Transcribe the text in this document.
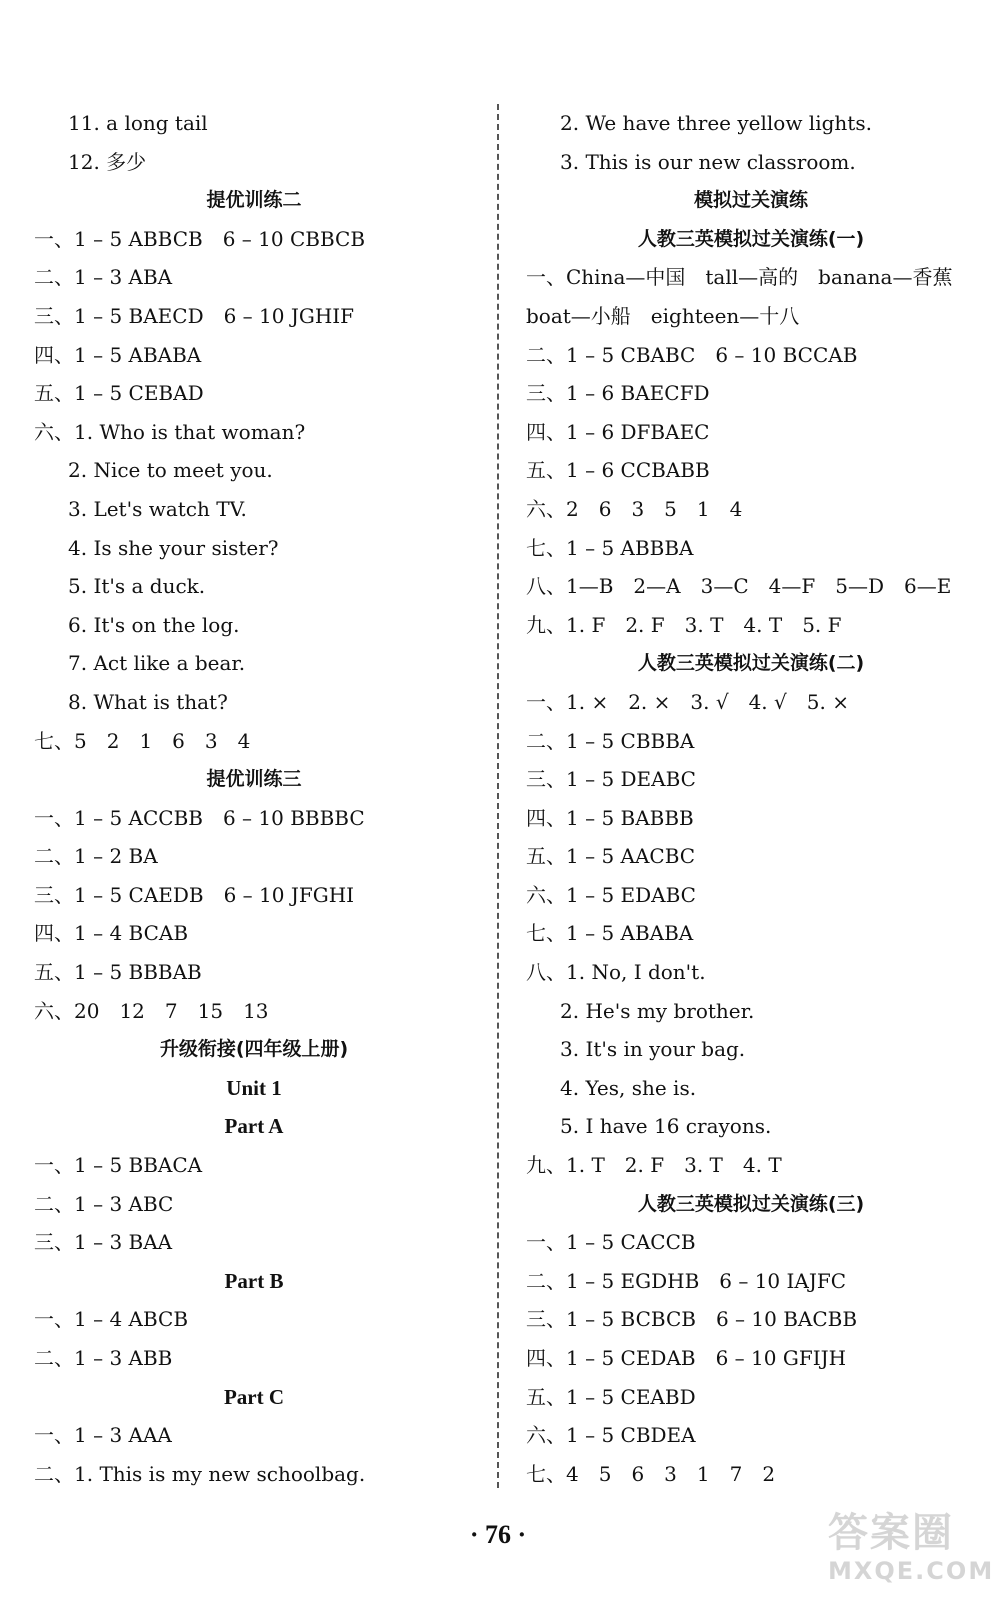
11. a long tail
12. 多少
提优训练二
一、1 – 5 ABBCB　6 – 10 CBBCB
二、1 – 3 ABA
三、1 – 5 BAECD　6 – 10 JGHIF
四、1 – 5 ABABA
五、1 – 5 CEBAD
六、1. Who is that woman?
2. Nice to meet you.
3. Let's watch TV.
4. Is she your sister?
5. It's a duck.
6. It's on the log.
7. Act like a bear.
8. What is that?
七、5　2　1　6　3　4
提优训练三
一、1 – 5 ACCBB　6 – 10 BBBBC
二、1 – 2 BA
三、1 – 5 CAEDB　6 – 10 JFGHI
四、1 – 4 BCAB
五、1 – 5 BBBAB
六、20　12　7　15　13
升级衔接(四年级上册)
Unit 1
Part A
一、1 – 5 BBACA
二、1 – 3 ABC
三、1 – 3 BAA
Part B
一、1 – 4 ABCB
二、1 – 3 ABB
Part C
一、1 – 3 AAA
二、1. This is my new schoolbag.
2. We have three yellow lights.
3. This is our new classroom.
模拟过关演练
人教三英模拟过关演练(一)
一、China—中国　tall—高的　banana—香蕉
boat—小船　eighteen—十八
二、1 – 5 CBABC　6 – 10 BCCAB
三、1 – 6 BAECFD
四、1 – 6 DFBAEC
五、1 – 6 CCBABB
六、2　6　3　5　1　4
七、1 – 5 ABBBA
八、1—B　2—A　3—C　4—F　5—D　6—E
九、1. F　2. F　3. T　4. T　5. F
人教三英模拟过关演练(二)
一、1. ×　2. ×　3. √　4. √　5. ×
二、1 – 5 CBBBA
三、1 – 5 DEABC
四、1 – 5 BABBB
五、1 – 5 AACBC
六、1 – 5 EDABC
七、1 – 5 ABABA
八、1. No, I don't.
2. He's my brother.
3. It's in your bag.
4. Yes, she is.
5. I have 16 crayons.
九、1. T　2. F　3. T　4. T
人教三英模拟过关演练(三)
一、1 – 5 CACCB
二、1 – 5 EGDHB　6 – 10 IAJFC
三、1 – 5 BCBCB　6 – 10 BACBB
四、1 – 5 CEDAB　6 – 10 GFIJH
五、1 – 5 CEABD
六、1 – 5 CBDEA
七、4　5　6　3　1　7　2
· 76 ·	答案圈
MXQE.COM
